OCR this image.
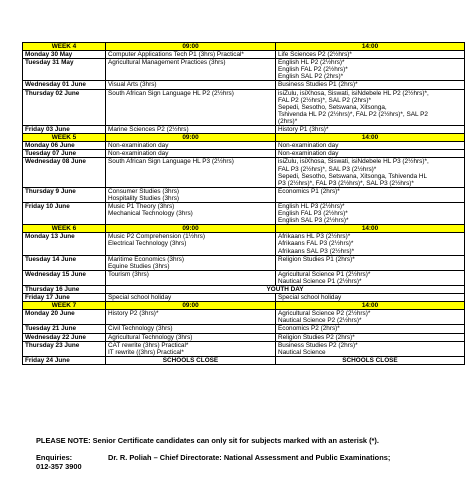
WEEK 4	09:00	14:00
Monday 30 May	Computer Applications Tech P1 (3hrs) Practical*	Life Sciences P2 (2½hrs)*

Tuesday 31 May	Agricultural Management Practices (3hrs)	English HL P2 (2½hrs)*
English FAL P2 (2½hrs)*
English SAL P2 (2hrs)*

Wednesday 01 June	Visual Arts (3hrs)	Business Studies P1 (2hrs)*

Thursday 02 June	South African Sign Language HL P2 (2½hrs)	isiZulu, isiXhosa, Siswati, isiNdebele HL P2 (2½hrs)*,
FAL P2 (2½hrs)*, SAL P2 (2hrs)*
Sepedi, Sesotho, Setswana, Xitsonga,
Tshivenda HL P2 (2½hrs)*, FAL P2 (2½hrs)*, SAL P2
(2hrs)*

Friday 03 June	Marine Sciences P2 (2½hrs)	History P1 (3hrs)*

WEEK 5	09:00	14:00
Monday 06 June	Non-examination day	Non-examination day

Tuesday 07 June	Non-examination day	Non-examination day

Wednesday 08 June	South African Sign Language HL P3 (2½hrs)	isiZulu, isiXhosa, Siswati, isiNdebele HL P3 (2½hrs)*,
FAL P3 (2½hrs)*, SAL P3 (2½hrs)*
Sepedi, Sesotho, Setswana, Xitsonga, Tshivenda HL
P3 (2½hrs)*, FAL P3 (2½hrs)*, SAL P3 (2½hrs)*

Thursday 9 June	Consumer Studies (3hrs)
Hospitality Studies (3hrs)	Economics P1 (2hrs)*

Friday 10 June	Music P1 Theory (3hrs)
Mechanical Technology (3hrs)	English HL P3 (2½hrs)*
English FAL P3 (2½hrs)*
English SAL P3 (2½hrs)*

WEEK 6	09:00	14:00
Monday 13 June	Music P2 Comprehension (1½hrs)
Electrical Technology (3hrs)	Afrikaans HL P3 (2½hrs)*
Afrikaans FAL P3 (2½hrs)*
Afrikaans SAL P3 (2½hrs)*

Tuesday 14 June	Maritime Economics (3hrs)
Equine Studies (3hrs)	Religion Studies P1 (2hrs)*

Wednesday 15 June	Tourism (3hrs)	Agricultural Science P1 (2½hrs)*
Nautical Science P1 (2½hrs)*

Thursday 16 June	YOUTH DAY	
Friday 17 June	Special school holiday	Special school holiday

WEEK 7	09:00	14:00
Monday 20 June	History P2 (3hrs)*	Agricultural Science P2 (2½hrs)*
Nautical Science P2 (2½hrs)*

Tuesday 21 June	Civil Technology (3hrs)	Economics P2 (2hrs)*

Wednesday 22 June	Agricultural Technology (3hrs)	Religion Studies P2 (2hrs)*

Thursday 23 June	CAT rewrite (3hrs) Practical*
IT rewrite ((3hrs) Practical*	Business Studies P2 (2hrs)*
Nautical Science

Friday 24 June	SCHOOLS CLOSE	SCHOOLS CLOSE
PLEASE NOTE: Senior Certificate candidates can only sit for subjects marked with an asterisk (*).
Enquiries:	Dr. R. Poliah – Chief Directorate: National Assessment and Public Examinations;
012-357 3900
